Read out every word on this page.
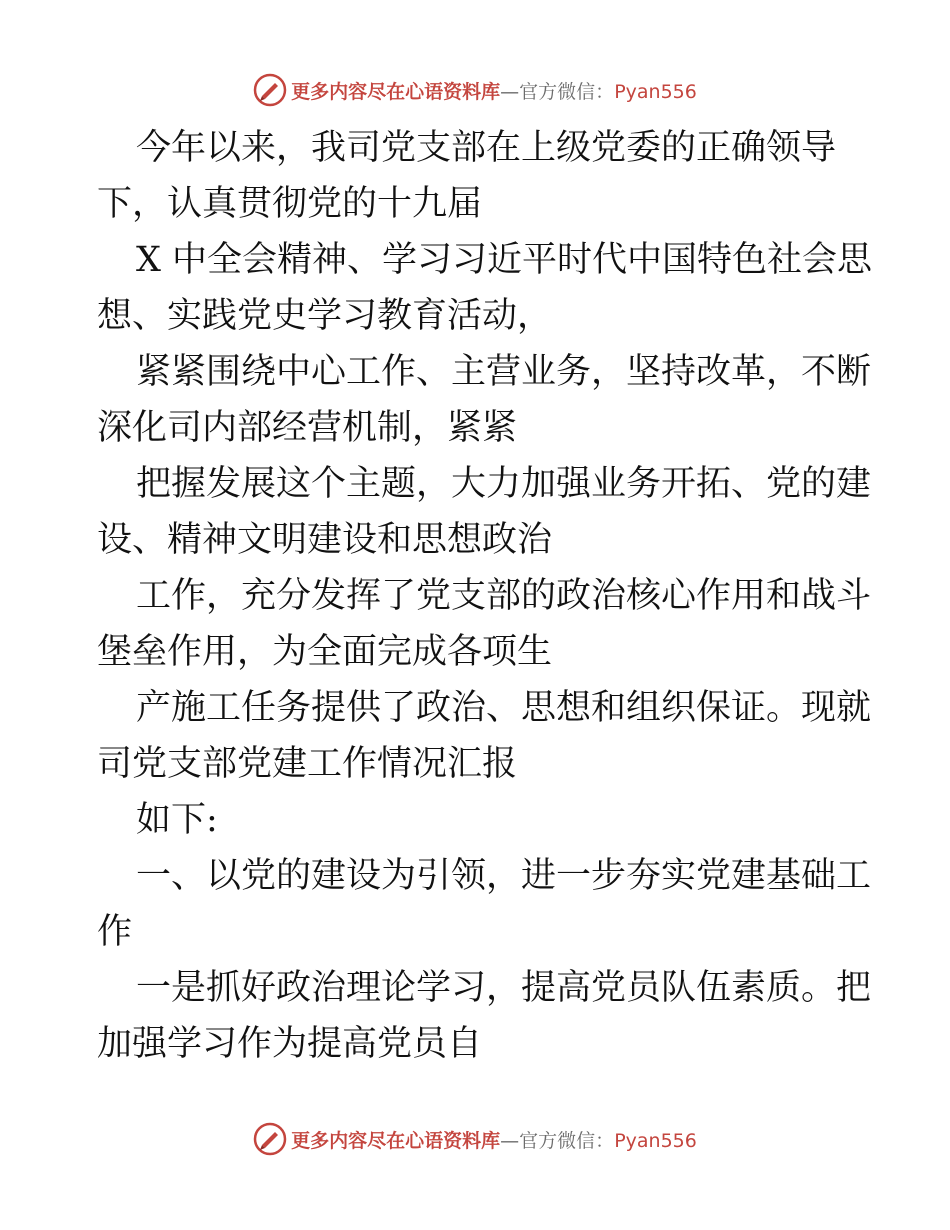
更多内容尽在心语资料库—官方微信：Pyan556

今年以来，我司党支部在上级党委的正确领导

下，认真贯彻党的十九届

X 中全会精神、学习习近平时代中国特色社会思

想、实践党史学习教育活动，

紧紧围绕中心工作、主营业务，坚持改革，不断

深化司内部经营机制，紧紧

把握发展这个主题，大力加强业务开拓、党的建

设、精神文明建设和思想政治

工作，充分发挥了党支部的政治核心作用和战斗

堡垒作用，为全面完成各项生

产施工任务提供了政治、思想和组织保证。现就

司党支部党建工作情况汇报

如下:

一、以党的建设为引领，进一步夯实党建基础工

作

一是抓好政治理论学习，提高党员队伍素质。把

加强学习作为提高党员自

更多内容尽在心语资料库—官方微信：Pyan556
